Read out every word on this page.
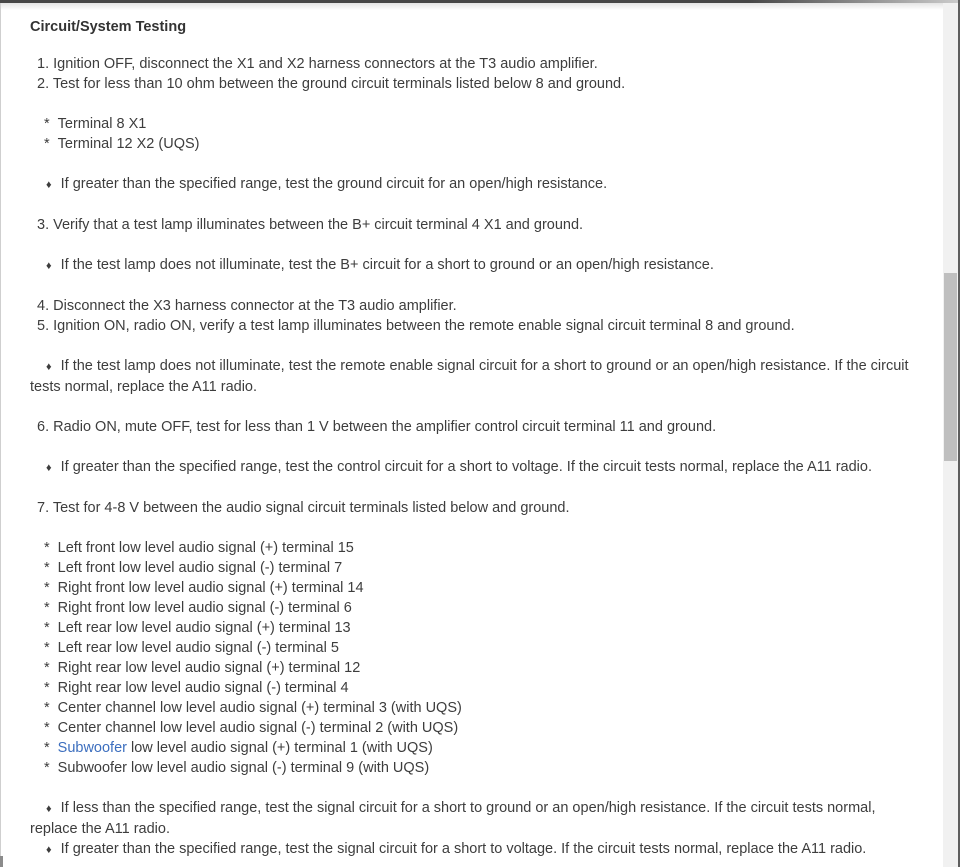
Circuit/System Testing

1. Ignition OFF, disconnect the X1 and X2 harness connectors at the T3 audio amplifier.

2. Test for less than 10 ohm between the ground circuit terminals listed below 8 and ground.

* Terminal 8 X1

* Terminal 12 X2 (UQS)

♦ If greater than the specified range, test the ground circuit for an open/high resistance.

3. Verify that a test lamp illuminates between the B+ circuit terminal 4 X1 and ground.

♦ If the test lamp does not illuminate, test the B+ circuit for a short to ground or an open/high resistance.

4. Disconnect the X3 harness connector at the T3 audio amplifier.

5. Ignition ON, radio ON, verify a test lamp illuminates between the remote enable signal circuit terminal 8 and ground.

♦ If the test lamp does not illuminate, test the remote enable signal circuit for a short to ground or an open/high resistance. If the circuit tests normal, replace the A11 radio.

6. Radio ON, mute OFF, test for less than 1 V between the amplifier control circuit terminal 11 and ground.

♦ If greater than the specified range, test the control circuit for a short to voltage. If the circuit tests normal, replace the A11 radio.

7. Test for 4-8 V between the audio signal circuit terminals listed below and ground.

* Left front low level audio signal (+) terminal 15

* Left front low level audio signal (-) terminal 7

* Right front low level audio signal (+) terminal 14

* Right front low level audio signal (-) terminal 6

* Left rear low level audio signal (+) terminal 13

* Left rear low level audio signal (-) terminal 5

* Right rear low level audio signal (+) terminal 12

* Right rear low level audio signal (-) terminal 4

* Center channel low level audio signal (+) terminal 3 (with UQS)

* Center channel low level audio signal (-) terminal 2 (with UQS)

* Subwoofer low level audio signal (+) terminal 1 (with UQS)

* Subwoofer low level audio signal (-) terminal 9 (with UQS)

♦ If less than the specified range, test the signal circuit for a short to ground or an open/high resistance. If the circuit tests normal, replace the A11 radio.

♦ If greater than the specified range, test the signal circuit for a short to voltage. If the circuit tests normal, replace the A11 radio.
